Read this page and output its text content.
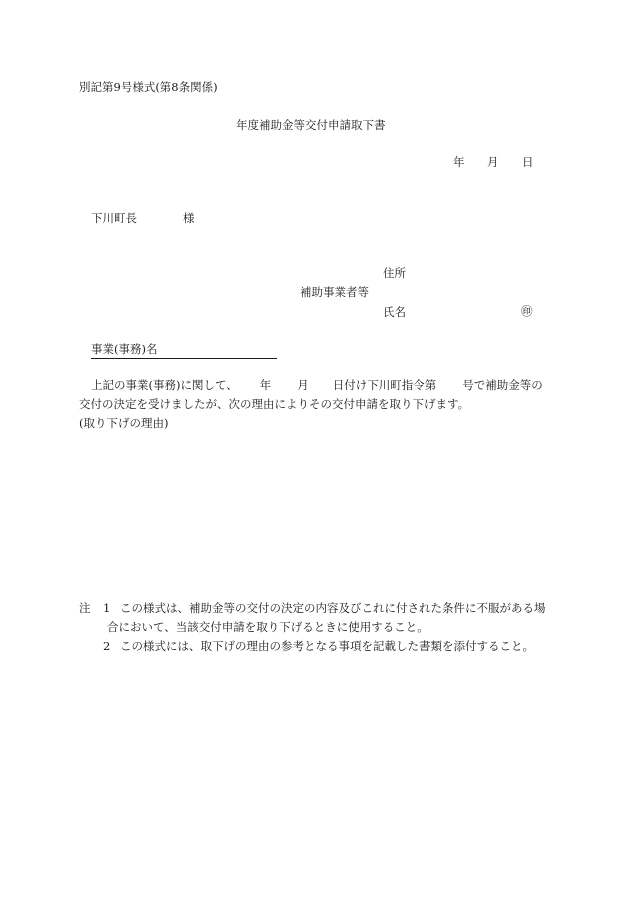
別記第9号様式(第8条関係)
年度補助金等交付申請取下書
年 月 日
下川町長	様
住所
補助事業者等
氏名	㊞
事業(事務)名
上記の事業(事務)に関して、 年 月 日付け下川町指令第 号で補助金等の
交付の決定を受けましたが、次の理由によりその交付申請を取り下げます。
(取り下げの理由)
注 1 この様式は、補助金等の交付の決定の内容及びこれに付された条件に不服がある場
合において、当該交付申請を取り下げるときに使用すること。
2 この様式には、取下げの理由の参考となる事項を記載した書類を添付すること。
